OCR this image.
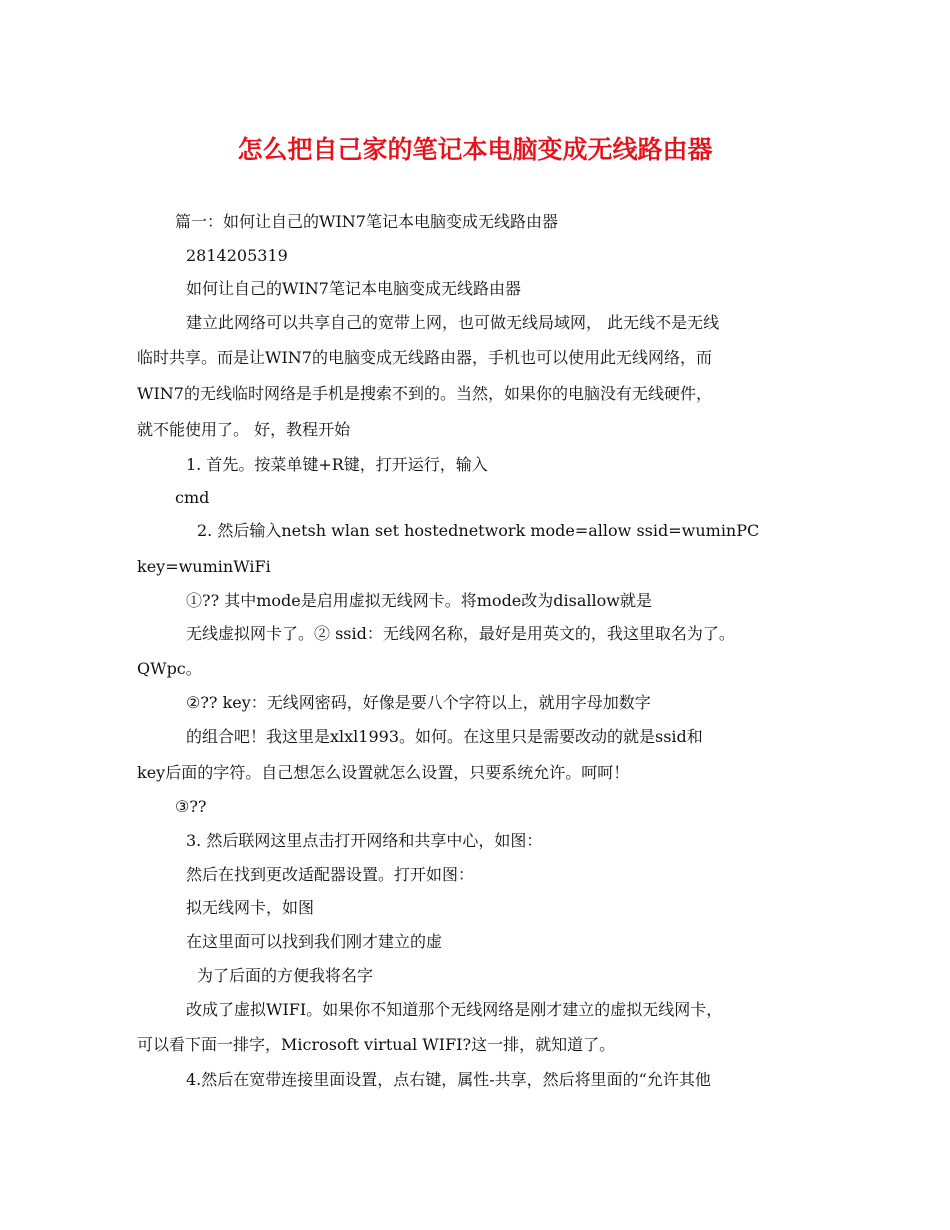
怎么把自己家的笔记本电脑变成无线路由器
篇一：如何让自己的WIN7笔记本电脑变成无线路由器
2814205319
如何让自己的WIN7笔记本电脑变成无线路由器
建立此网络可以共享自己的宽带上网，也可做无线局域网， 此无线不是无线
临时共享。而是让WIN7的电脑变成无线路由器，手机也可以使用此无线网络，而
WIN7的无线临时网络是手机是搜索不到的。当然，如果你的电脑没有无线硬件，
就不能使用了。 好，教程开始
1. 首先。按菜单键+R键，打开运行，输入
cmd
2. 然后输入netsh wlan set hostednetwork mode=allow ssid=wuminPC
key=wuminWiFi
①?? 其中mode是启用虚拟无线网卡。将mode改为disallow就是
无线虚拟网卡了。② ssid：无线网名称，最好是用英文的，我这里取名为了。
QWpc。
②?? key：无线网密码，好像是要八个字符以上，就用字母加数字
的组合吧！我这里是xlxl1993。如何。在这里只是需要改动的就是ssid和
key后面的字符。自己想怎么设置就怎么设置，只要系统允许。呵呵！
③??
3. 然后联网这里点击打开网络和共享中心，如图：
然后在找到更改适配器设置。打开如图：
拟无线网卡，如图
在这里面可以找到我们刚才建立的虚
为了后面的方便我将名字
改成了虚拟WIFI。如果你不知道那个无线网络是刚才建立的虚拟无线网卡，
可以看下面一排字，Microsoft virtual WIFI?这一排，就知道了。
4.然后在宽带连接里面设置，点右键，属性-共享，然后将里面的“允许其他
